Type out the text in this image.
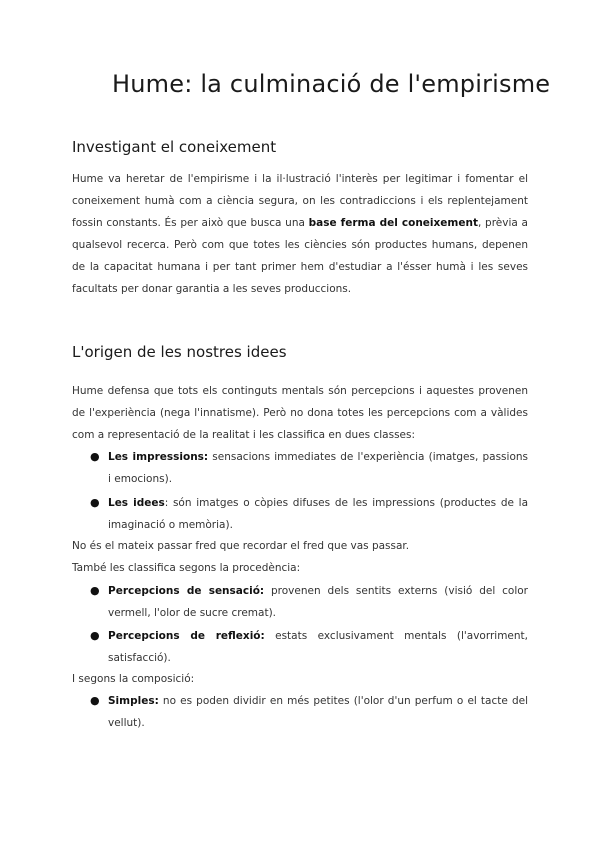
Hume: la culminació de l'empirisme
Investigant el coneixement

Hume va heretar de l'empirisme i la il·lustració l'interès per legitimar i fomentar el coneixement humà com a ciència segura, on les contradiccions i els replentejament fossin constants. És per això que busca una base ferma del coneixement, prèvia a qualsevol recerca. Però com que totes les ciències són productes humans, depenen de la capacitat humana i per tant primer hem d'estudiar a l'ésser humà i les seves facultats per donar garantia a les seves produccions.

L'origen de les nostres idees

Hume defensa que tots els continguts mentals són percepcions i aquestes provenen de l'experiència (nega l'innatisme). Però no dona totes les percepcions com a vàlides com a representació de la realitat i les classifica en dues classes:

● Les impressions: sensacions immediates de l'experiència (imatges, passions i emocions).

● Les idees: són imatges o còpies difuses de les impressions (productes de la imaginació o memòria).

No és el mateix passar fred que recordar el fred que vas passar.

També les classifica segons la procedència:

● Percepcions de sensació: provenen dels sentits externs (visió del color vermell, l'olor de sucre cremat).

● Percepcions de reflexió: estats exclusivament mentals (l'avorriment, satisfacció).

I segons la composició:

● Simples: no es poden dividir en més petites (l'olor d'un perfum o el tacte del vellut).
